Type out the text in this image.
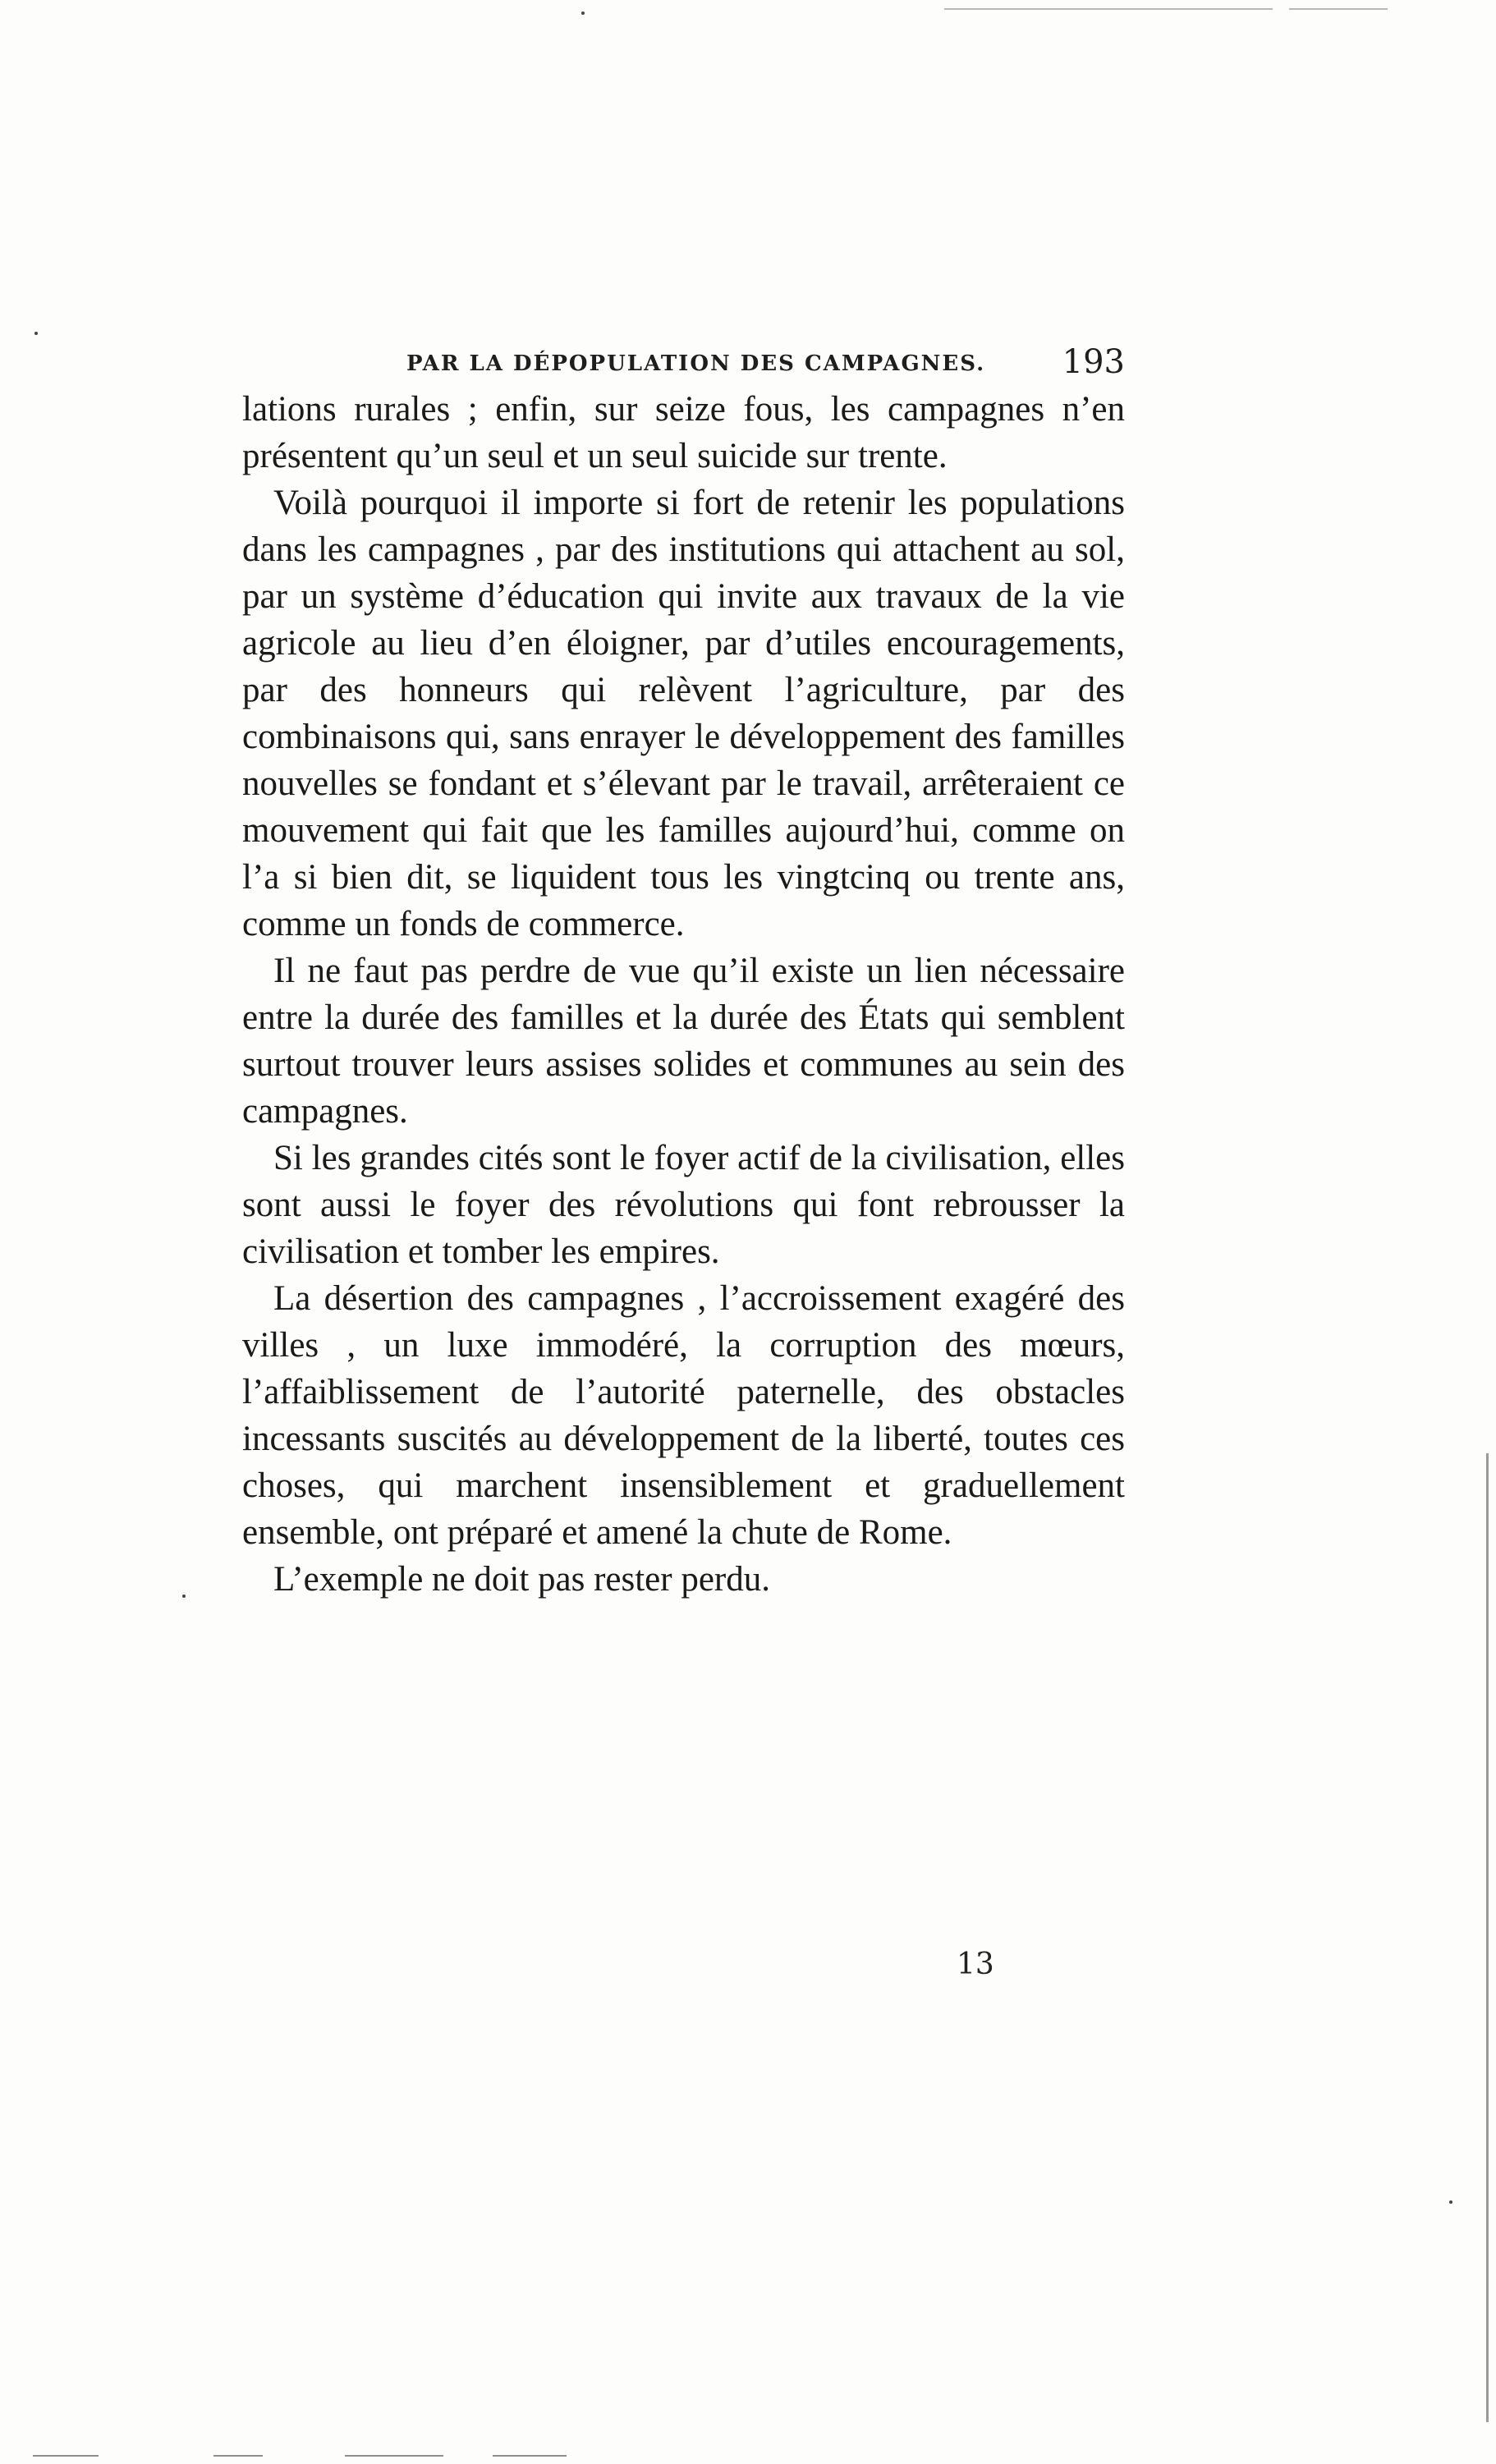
PAR LA DÉPOPULATION DES CAMPAGNES. 193

lations rurales ; enfin, sur seize fous, les campagnes n’en présentent qu’un seul et un seul suicide sur trente.

Voilà pourquoi il importe si fort de retenir les populations dans les campagnes , par des institutions qui attachent au sol, par un système d’éducation qui invite aux travaux de la vie agricole au lieu d’en éloigner, par d’utiles encouragements, par des honneurs qui relèvent l’agriculture, par des combinaisons qui, sans enrayer le développement des familles nouvelles se fondant et s’élevant par le travail, arrêteraient ce mouvement qui fait que les familles aujourd’hui, comme on l’a si bien dit, se liquident tous les vingtcinq ou trente ans, comme un fonds de commerce.

Il ne faut pas perdre de vue qu’il existe un lien nécessaire entre la durée des familles et la durée des États qui semblent surtout trouver leurs assises solides et communes au sein des campagnes.

Si les grandes cités sont le foyer actif de la civilisation, elles sont aussi le foyer des révolutions qui font rebrousser la civilisation et tomber les empires.

La désertion des campagnes , l’accroissement exagéré des villes , un luxe immodéré, la corruption des mœurs, l’affaiblissement de l’autorité paternelle, des obstacles incessants suscités au développement de la liberté, toutes ces choses, qui marchent insensiblement et graduellement ensemble, ont préparé et amené la chute de Rome.

L’exemple ne doit pas rester perdu.

13
